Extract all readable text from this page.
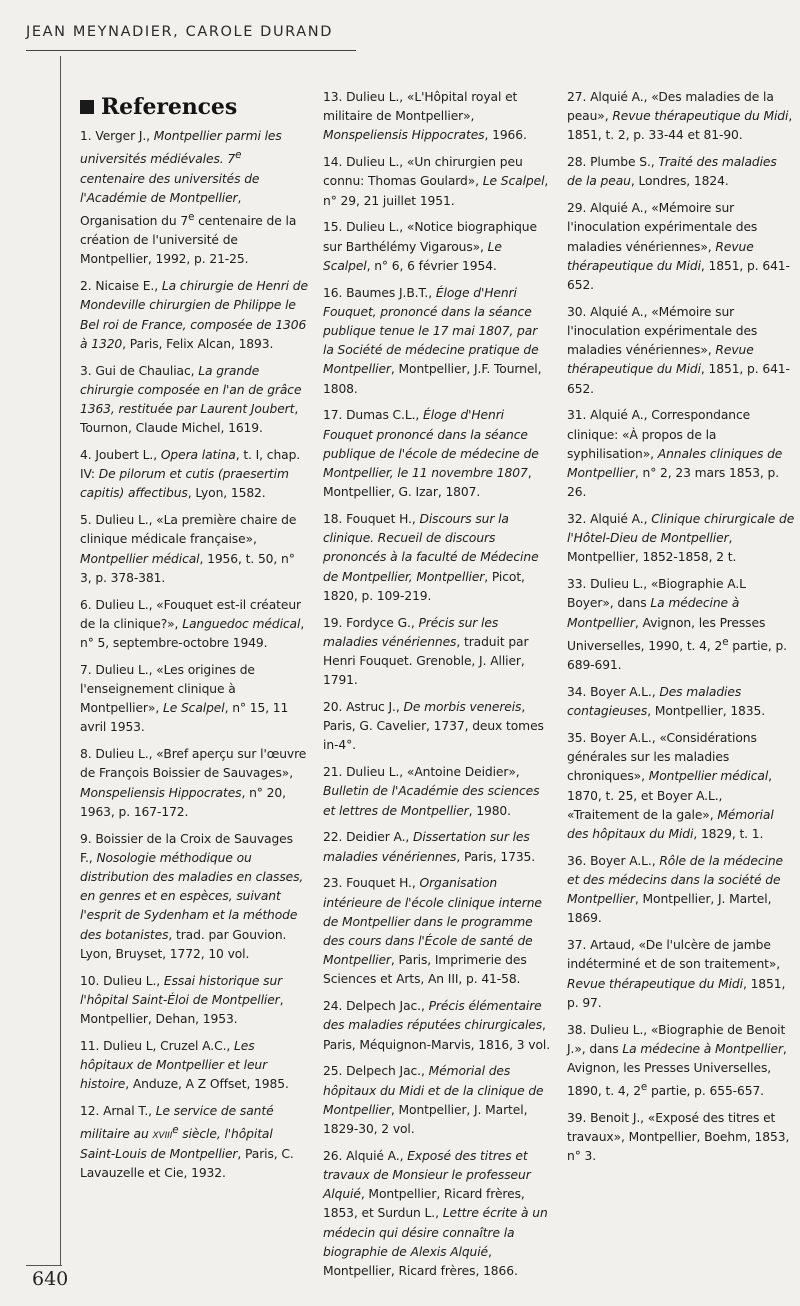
JEAN MEYNADIER, CAROLE DURAND
640
References

1. Verger J., Montpellier parmi les universités médiévales. 7e centenaire des universités de l'Académie de Montpellier, Organisation du 7e centenaire de la création de l'université de Montpellier, 1992, p. 21-25.

2. Nicaise E., La chirurgie de Henri de Mondeville chirurgien de Philippe le Bel roi de France, composée de 1306 à 1320, Paris, Felix Alcan, 1893.

3. Gui de Chauliac, La grande chirurgie composée en l'an de grâce 1363, restituée par Laurent Joubert, Tournon, Claude Michel, 1619.

4. Joubert L., Opera latina, t. I, chap. IV: De pilorum et cutis (praesertim capitis) affectibus, Lyon, 1582.

5. Dulieu L., «La première chaire de clinique médicale française», Montpellier médical, 1956, t. 50, n° 3, p. 378-381.

6. Dulieu L., «Fouquet est-il créateur de la clinique?», Languedoc médical, n° 5, septembre-octobre 1949.

7. Dulieu L., «Les origines de l'enseignement clinique à Montpellier», Le Scalpel, n° 15, 11 avril 1953.

8. Dulieu L., «Bref aperçu sur l'œuvre de François Boissier de Sauvages», Monspeliensis Hippocrates, n° 20, 1963, p. 167-172.

9. Boissier de la Croix de Sauvages F., Nosologie méthodique ou distribution des maladies en classes, en genres et en espèces, suivant l'esprit de Sydenham et la méthode des botanistes, trad. par Gouvion. Lyon, Bruyset, 1772, 10 vol.

10. Dulieu L., Essai historique sur l'hôpital Saint-Éloi de Montpellier, Montpellier, Dehan, 1953.

11. Dulieu L, Cruzel A.C., Les hôpitaux de Montpellier et leur histoire, Anduze, A Z Offset, 1985.

12. Arnal T., Le service de santé militaire au xviii$^e$ siècle, l'hôpital Saint-Louis de Montpellier, Paris, C. Lavauzelle et Cie, 1932.

13. Dulieu L., «L'Hôpital royal et militaire de Montpellier», Monspeliensis Hippocrates, 1966.

14. Dulieu L., «Un chirurgien peu connu: Thomas Goulard», Le Scalpel, n° 29, 21 juillet 1951.

15. Dulieu L., «Notice biographique sur Barthélémy Vigarous», Le Scalpel, n° 6, 6 février 1954.

16. Baumes J.B.T., Éloge d'Henri Fouquet, prononcé dans la séance publique tenue le 17 mai 1807, par la Société de médecine pratique de Montpellier, Montpellier, J.F. Tournel, 1808.

17. Dumas C.L., Éloge d'Henri Fouquet prononcé dans la séance publique de l'école de médecine de Montpellier, le 11 novembre 1807, Montpellier, G. Izar, 1807.

18. Fouquet H., Discours sur la clinique. Recueil de discours prononcés à la faculté de Médecine de Montpellier, Montpellier, Picot, 1820, p. 109-219.

19. Fordyce G., Précis sur les maladies vénériennes, traduit par Henri Fouquet. Grenoble, J. Allier, 1791.

20. Astruc J., De morbis venereis, Paris, G. Cavelier, 1737, deux tomes in-4°.

21. Dulieu L., «Antoine Deidier», Bulletin de l'Académie des sciences et lettres de Montpellier, 1980.

22. Deidier A., Dissertation sur les maladies vénériennes, Paris, 1735.

23. Fouquet H., Organisation intérieure de l'école clinique interne de Montpellier dans le programme des cours dans l'École de santé de Montpellier, Paris, Imprimerie des Sciences et Arts, An III, p. 41-58.

24. Delpech Jac., Précis élémentaire des maladies réputées chirurgicales, Paris, Méquignon-Marvis, 1816, 3 vol.

25. Delpech Jac., Mémorial des hôpitaux du Midi et de la clinique de Montpellier, Montpellier, J. Martel, 1829-30, 2 vol.

26. Alquié A., Exposé des titres et travaux de Monsieur le professeur Alquié, Montpellier, Ricard frères, 1853, et Surdun L., Lettre écrite à un médecin qui désire connaître la biographie de Alexis Alquié, Montpellier, Ricard frères, 1866.

27. Alquié A., «Des maladies de la peau», Revue thérapeutique du Midi, 1851, t. 2, p. 33-44 et 81-90.

28. Plumbe S., Traité des maladies de la peau, Londres, 1824.

29. Alquié A., «Mémoire sur l'inoculation expérimentale des maladies vénériennes», Revue thérapeutique du Midi, 1851, p. 641-652.

30. Alquié A., «Mémoire sur l'inoculation expérimentale des maladies vénériennes», Revue thérapeutique du Midi, 1851, p. 641-652.

31. Alquié A., Correspondance clinique: «À propos de la syphilisation», Annales cliniques de Montpellier, n° 2, 23 mars 1853, p. 26.

32. Alquié A., Clinique chirurgicale de l'Hôtel-Dieu de Montpellier, Montpellier, 1852-1858, 2 t.

33. Dulieu L., «Biographie A.L Boyer», dans La médecine à Montpellier, Avignon, les Presses Universelles, 1990, t. 4, 2e partie, p. 689-691.

34. Boyer A.L., Des maladies contagieuses, Montpellier, 1835.

35. Boyer A.L., «Considérations générales sur les maladies chroniques», Montpellier médical, 1870, t. 25, et Boyer A.L., «Traitement de la gale», Mémorial des hôpitaux du Midi, 1829, t. 1.

36. Boyer A.L., Rôle de la médecine et des médecins dans la société de Montpellier, Montpellier, J. Martel, 1869.

37. Artaud, «De l'ulcère de jambe indéterminé et de son traitement», Revue thérapeutique du Midi, 1851, p. 97.

38. Dulieu L., «Biographie de Benoit J.», dans La médecine à Montpellier, Avignon, les Presses Universelles, 1890, t. 4, 2e partie, p. 655-657.

39. Benoit J., «Exposé des titres et travaux», Montpellier, Boehm, 1853, n° 3.
